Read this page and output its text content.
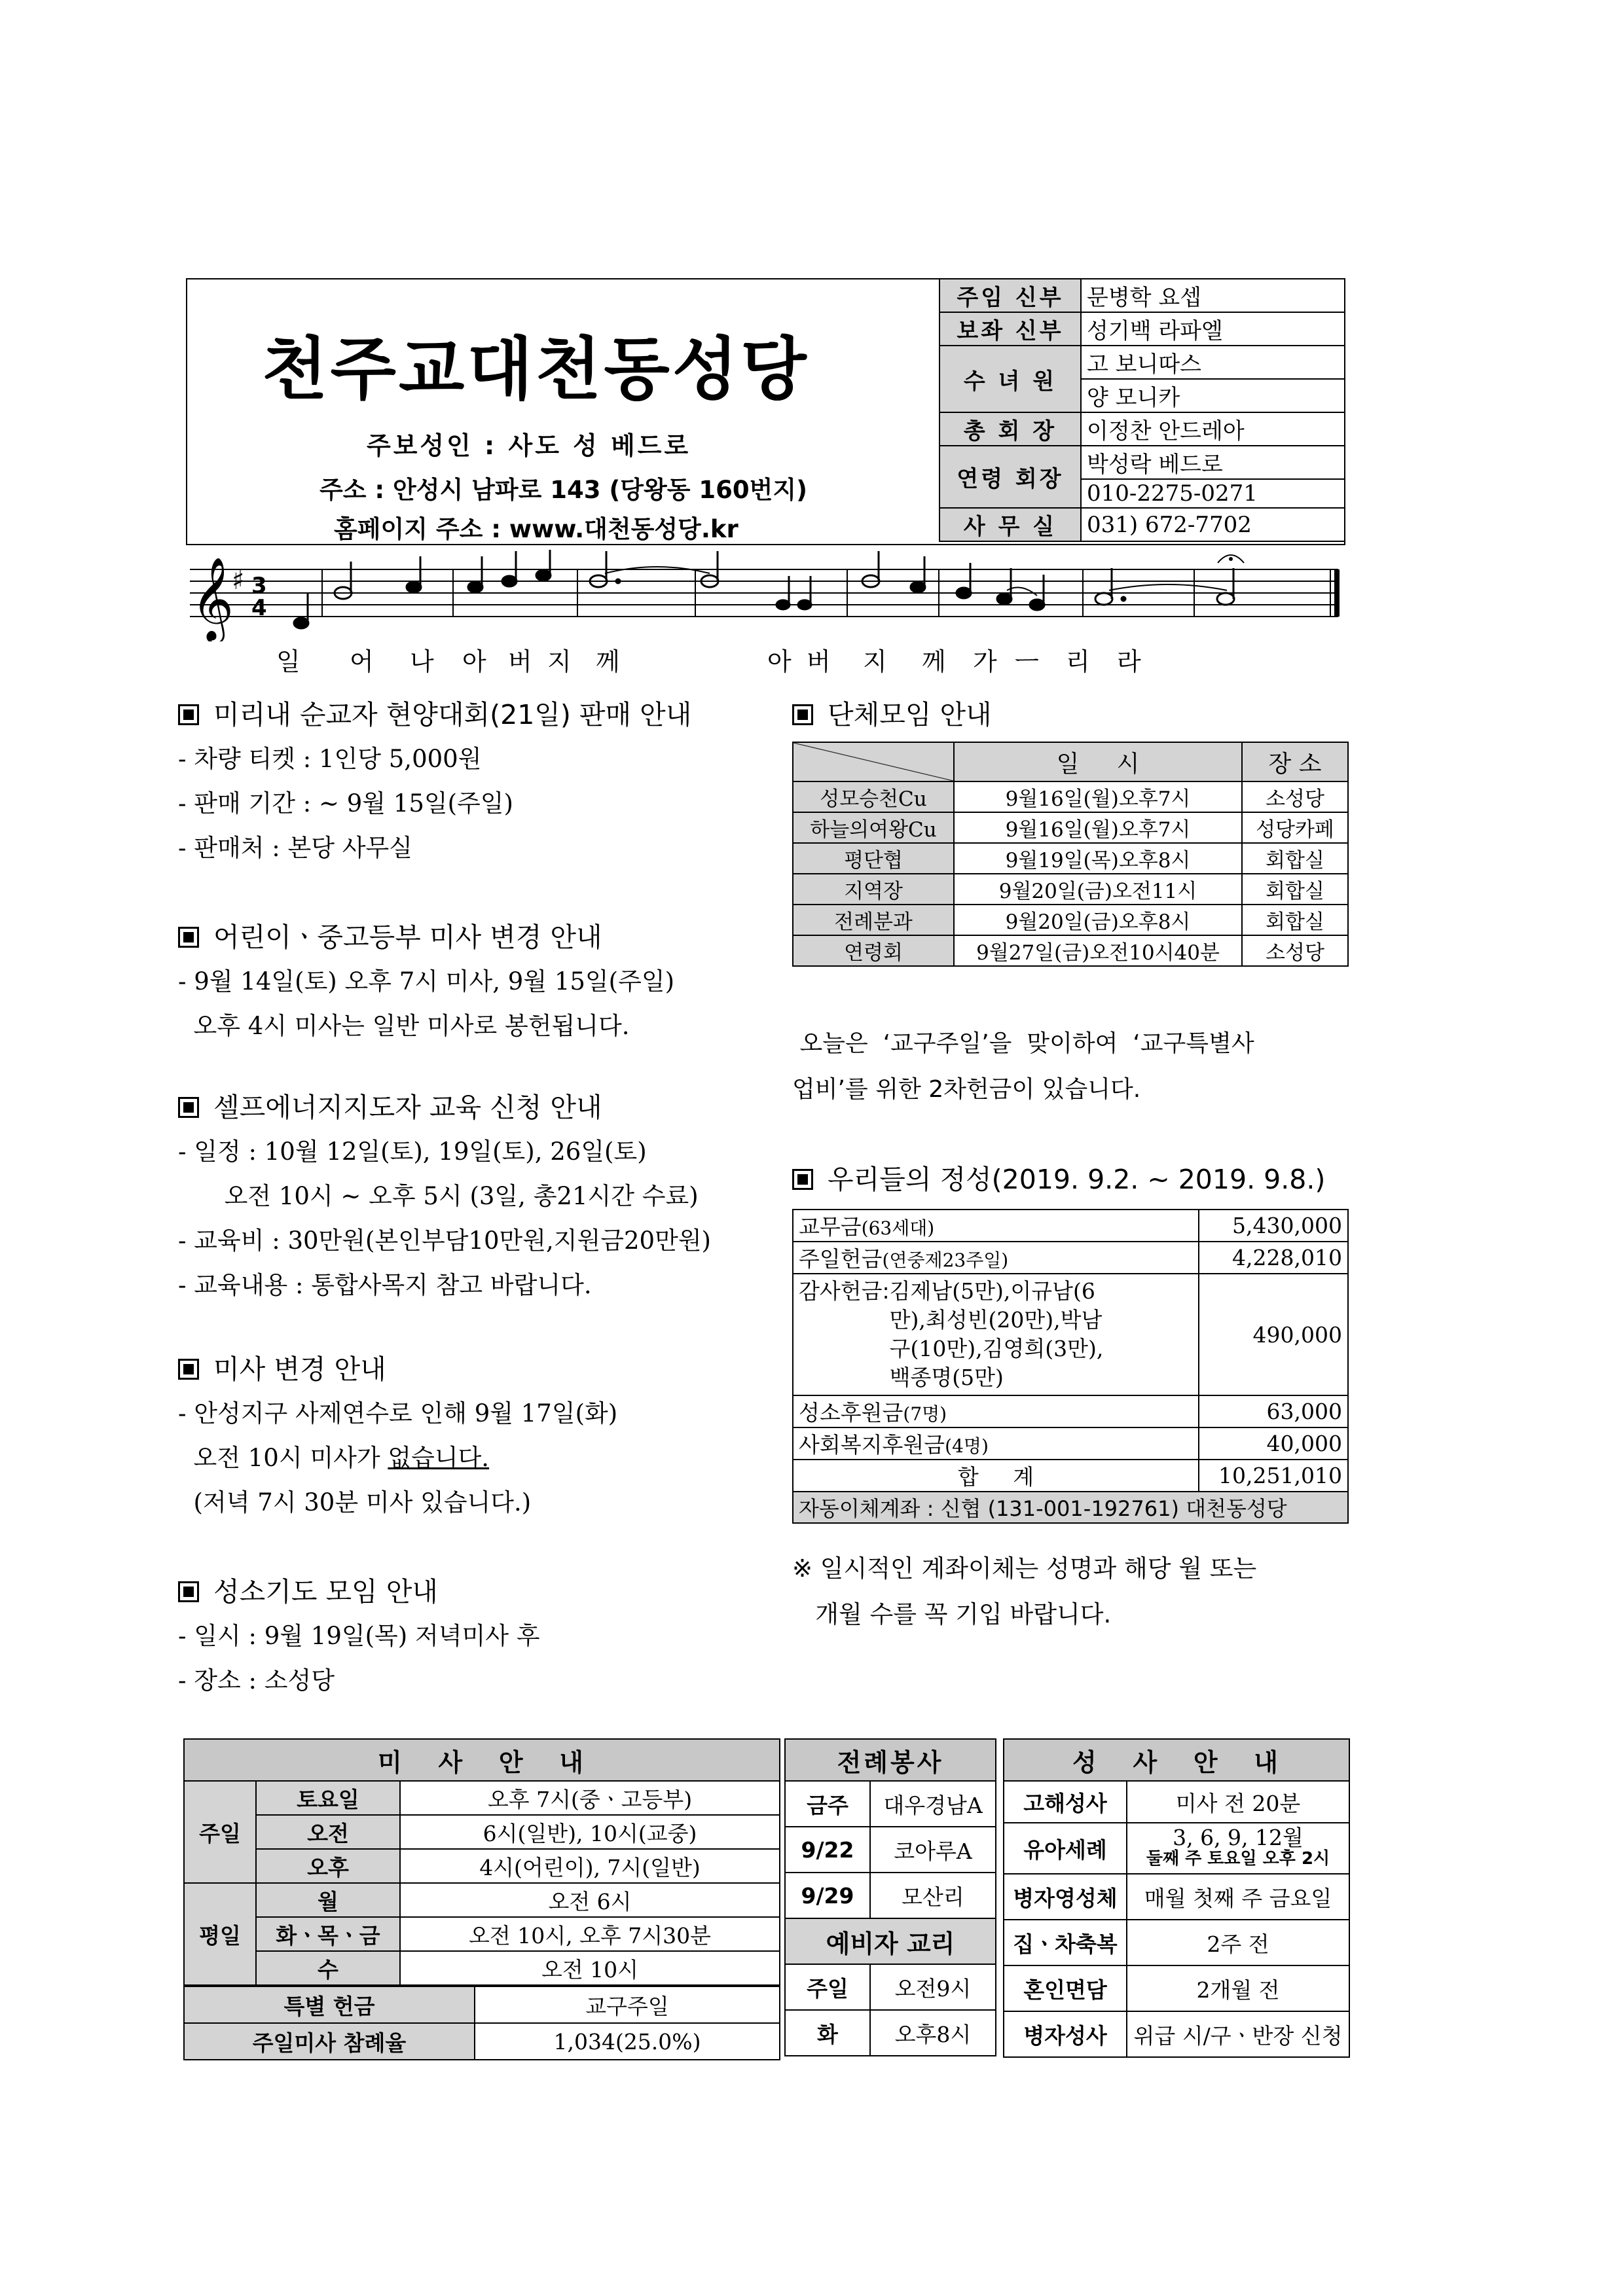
천주교대천동성당
주보성인 : 사도 성 베드로
주소 : 안성시 남파로 143 (당왕동 160번지)
홈페이지 주소 : www.대천동성당.kr
주임 신부	문병학 요셉
보좌 신부	성기백 라파엘
수 녀 원	고 보니따스
	양 모니카
총 회 장	이정찬 안드레아
연령 회장	박성락 베드로
	010-2275-0271
사 무 실	031) 672-7702
𝄞
♯ 3
4
일 어 나 아 버 지 께	아 버 지 께 가 ㅡ 리 라
미리내 순교자 현양대회(21일) 판매 안내
- 차량 티켓 : 1인당 5,000원
- 판매 기간 : ~ 9월 15일(주일)
- 판매처 : 본당 사무실
어린이ㆍ중고등부 미사 변경 안내
- 9월 14일(토) 오후 7시 미사, 9월 15일(주일)
오후 4시 미사는 일반 미사로 봉헌됩니다.
셀프에너지지도자 교육 신청 안내
- 일정 : 10월 12일(토), 19일(토), 26일(토)
오전 10시 ~ 오후 5시 (3일, 총21시간 수료)
- 교육비 : 30만원(본인부담10만원,지원금20만원)
- 교육내용 : 통합사목지 참고 바랍니다.
미사 변경 안내
- 안성지구 사제연수로 인해 9월 17일(화)
오전 10시 미사가 없습니다.
(저녁 7시 30분 미사 있습니다.)
성소기도 모임 안내
- 일시 : 9월 19일(목) 저녁미사 후
- 장소 : 소성당
단체모임 안내
	일     시	장 소
성모승천Cu	9월16일(월)오후7시	소성당
하늘의여왕Cu	9월16일(월)오후7시	성당카페
평단협	9월19일(목)오후8시	회합실
지역장	9월20일(금)오전11시	회합실
전례분과	9월20일(금)오후8시	회합실
연령회	9월27일(금)오전10시40분	소성당
오늘은  ‘교구주일’을  맞이하여  ‘교구특별사
업비’를 위한 2차헌금이 있습니다.
우리들의 정성(2019. 9.2. ~ 2019. 9.8.)
교무금(63세대)	5,430,000
주일헌금(연중제23주일)	4,228,010

감사헌금: 김제남(5만),이규남(6
만),최성빈(20만),박남
구(10만),김영희(3만),
백종명(5만)	490,000
성소후원금(7명)	63,000
사회복지후원금(4명)	40,000
합     계	10,251,010
자동이체계좌 : 신협 (131-001-192761) 대천동성당	
※ 일시적인 계좌이체는 성명과 해당 월 또는
개월 수를 꼭 기입 바랍니다.
미   사   안   내		
주일	토요일	오후 7시(중ㆍ고등부)
	오전	6시(일반), 10시(교중)
	오후	4시(어린이), 7시(일반)
평일	월	오전 6시
	화ㆍ목ㆍ금	오전 10시, 오후 7시30분
	수	오전 10시
특별 헌금	교구주일
주일미사 참례율	1,034(25.0%)
전례봉사	
금주	대우경남A
9/22	코아루A
9/29	모산리
예비자 교리	
주일	오전9시
화	오후8시
성   사   안   내	
고해성사	미사 전 20분
유아세례	3, 6, 9, 12월
둘째 주 토요일 오후 2시

병자영성체	매월 첫째 주 금요일
집ㆍ차축복	2주 전
혼인면담	2개월 전
병자성사	위급 시/구ㆍ반장 신청
